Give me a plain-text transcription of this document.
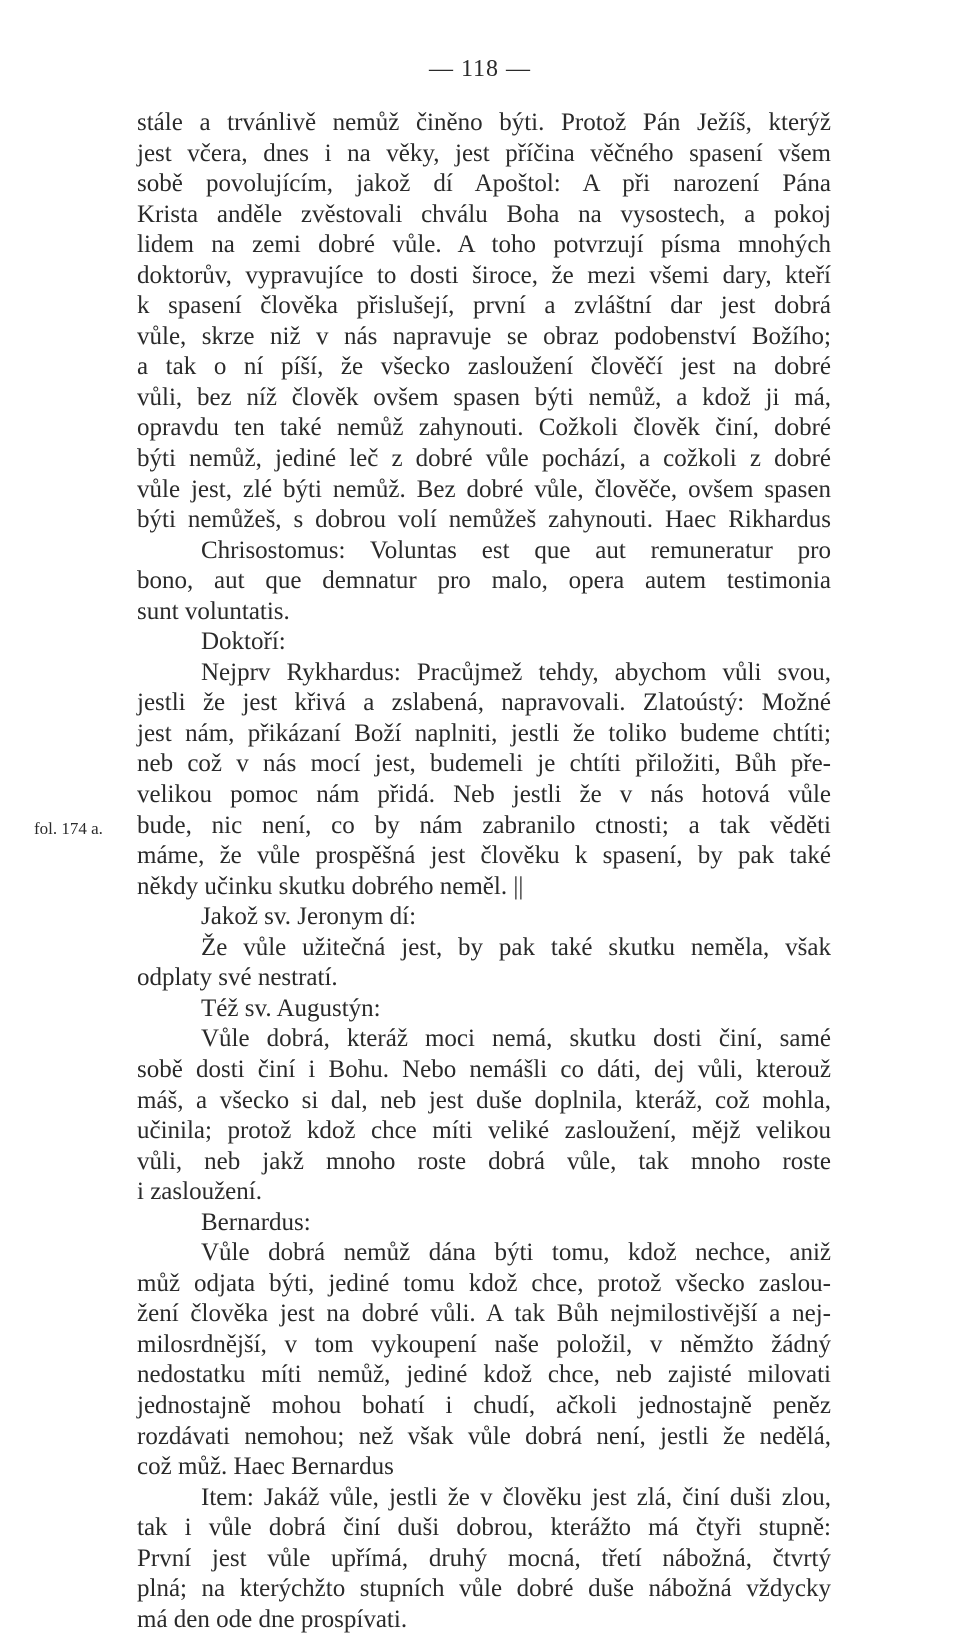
— 118 —
fol. 174 a.
stále a trvánlivě nemůž činěno býti. Protož Pán Ježíš, kterýž
jest včera, dnes i na věky, jest příčina věčného spasení všem
sobě povolujícím, jakož dí Apoštol: A při narození Pána
Krista anděle zvěstovali chválu Boha na vysostech, a pokoj
lidem na zemi dobré vůle. A toho potvrzují písma mnohých
doktorův, vypravujíce to dosti široce, že mezi všemi dary, kteří
k spasení člověka přislušejí, první a zvláštní dar jest dobrá
vůle, skrze niž v nás napravuje se obraz podobenství Božího;
a tak o ní píší, že všecko zasloužení člověčí jest na dobré
vůli, bez níž člověk ovšem spasen býti nemůž, a kdož ji má,
opravdu ten také nemůž zahynouti. Cožkoli člověk činí, dobré
býti nemůž, jediné leč z dobré vůle pochází, a cožkoli z dobré
vůle jest, zlé býti nemůž. Bez dobré vůle, člověče, ovšem spasen
býti nemůžeš, s dobrou volí nemůžeš zahynouti. Haec Rikhardus
Chrisostomus: Voluntas est que aut remuneratur pro
bono, aut que demnatur pro malo, opera autem testimonia
sunt voluntatis.
Doktoří:
Nejprv Rykhardus: Pracůjmež tehdy, abychom vůli svou,
jestli že jest křivá a zslabená, napravovali. Zlatoústý: Možné
jest nám, přikázaní Boží naplniti, jestli že toliko budeme chtíti;
neb což v nás mocí jest, budemeli je chtíti přiložiti, Bůh pře-
velikou pomoc nám přidá. Neb jestli že v nás hotová vůle
bude, nic není, co by nám zabranilo ctnosti; a tak věděti
máme, že vůle prospěšná jest člověku k spasení, by pak také
někdy učinku skutku dobrého neměl. ||
Jakož sv. Jeronym dí:
Že vůle užitečná jest, by pak také skutku neměla, však
odplaty své nestratí.
Též sv. Augustýn:
Vůle dobrá, kteráž moci nemá, skutku dosti činí, samé
sobě dosti činí i Bohu. Nebo nemášli co dáti, dej vůli, kterouž
máš, a všecko si dal, neb jest duše doplnila, kteráž, což mohla,
učinila; protož kdož chce míti veliké zasloužení, mějž velikou
vůli, neb jakž mnoho roste dobrá vůle, tak mnoho roste
i zasloužení.
Bernardus:
Vůle dobrá nemůž dána býti tomu, kdož nechce, aniž
můž odjata býti, jediné tomu kdož chce, protož všecko zaslou-
žení člověka jest na dobré vůli. A tak Bůh nejmilostivější a nej-
milosrdnější, v tom vykoupení naše položil, v němžto žádný
nedostatku míti nemůž, jediné kdož chce, neb zajisté milovati
jednostajně mohou bohatí i chudí, ačkoli jednostajně peněz
rozdávati nemohou; než však vůle dobrá není, jestli že nedělá,
což můž. Haec Bernardus
Item: Jakáž vůle, jestli že v člověku jest zlá, činí duši zlou,
tak i vůle dobrá činí duši dobrou, kterážto má čtyři stupně:
První jest vůle upřímá, druhý mocná, třetí nábožná, čtvrtý
plná; na kterýchžto stupních vůle dobré duše nábožná vždycky
má den ode dne prospívati.
